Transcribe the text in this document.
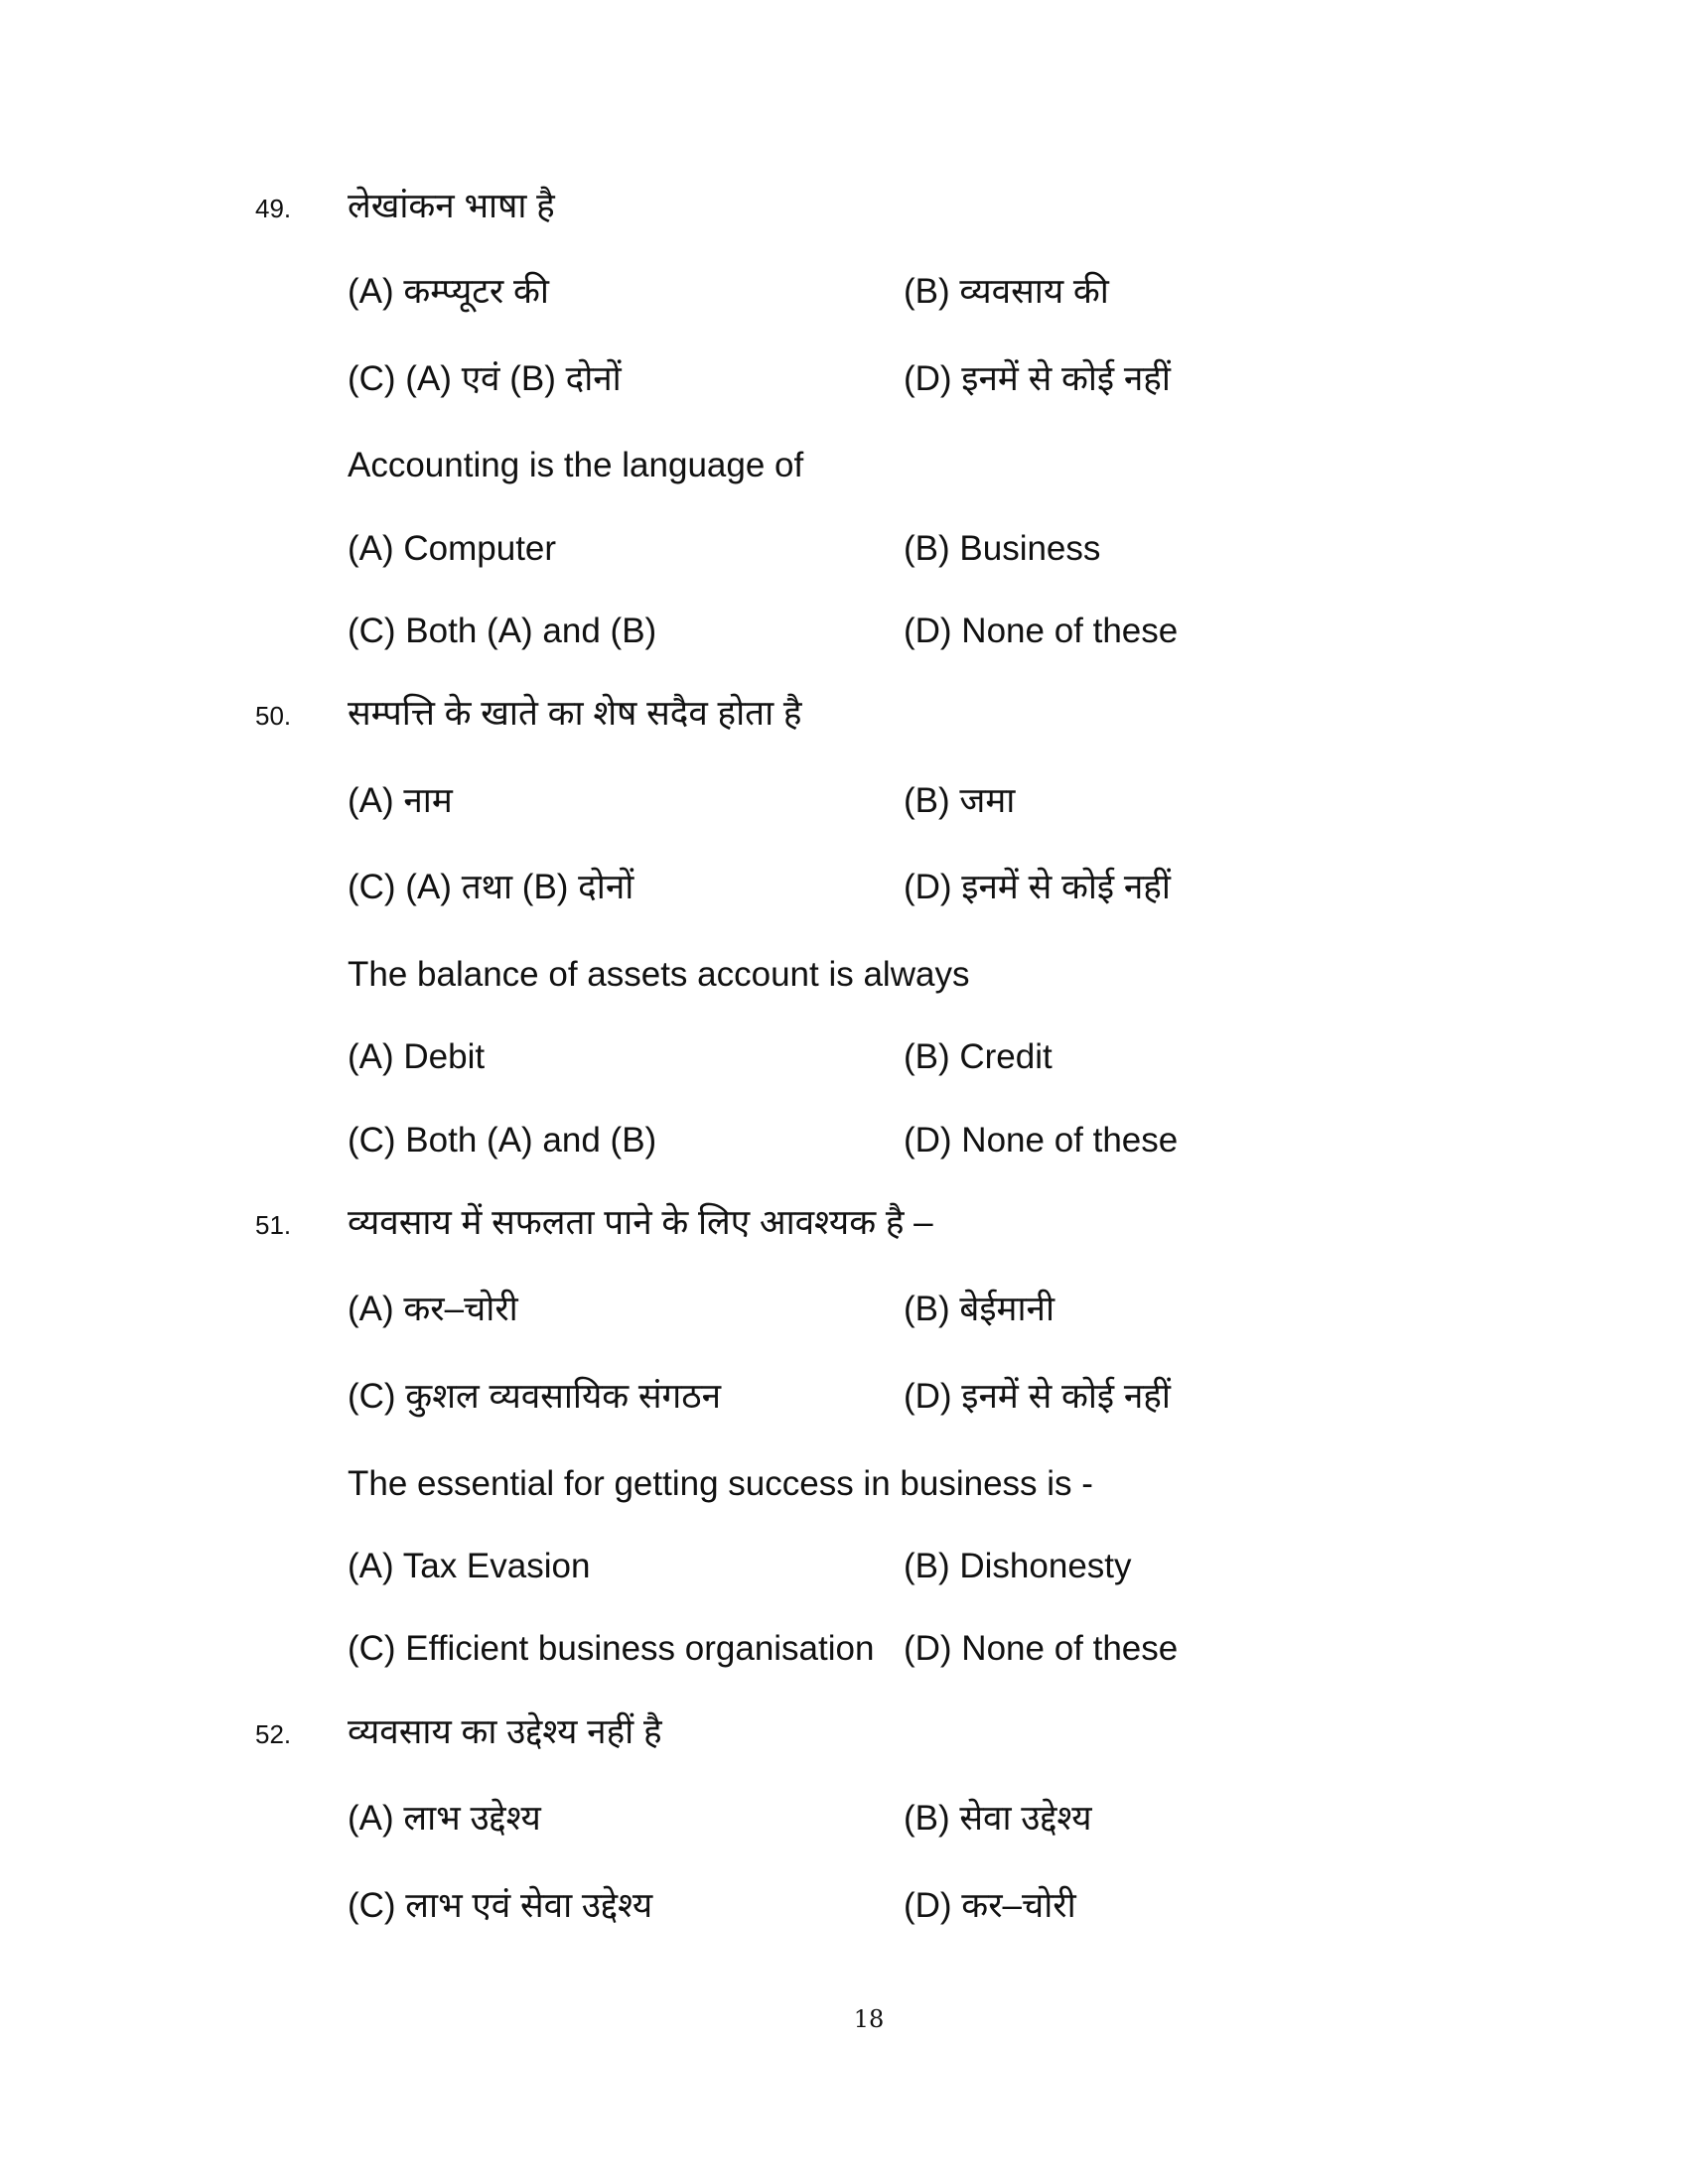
49. लेखांकन भाषा है
(A) कम्प्यूटर की	(B) व्यवसाय की
(C) (A) एवं (B) दोनों	(D) इनमें से कोई नहीं
Accounting is the language of
(A) Computer	(B) Business
(C) Both (A) and (B)	(D) None of these
50. सम्पत्ति के खाते का शेष सदैव होता है
(A) नाम	(B) जमा
(C) (A) तथा (B) दोनों	(D) इनमें से कोई नहीं
The balance of assets account is always
(A) Debit	(B) Credit
(C) Both (A) and (B)	(D) None of these
51. व्यवसाय में सफलता पाने के लिए आवश्यक है –
(A) कर–चोरी	(B) बेईमानी
(C) कुशल व्यवसायिक संगठन	(D) इनमें से कोई नहीं
The essential for getting success in business is -
(A) Tax Evasion	(B) Dishonesty
(C) Efficient business organisation (D) None of these
52. व्यवसाय का उद्देश्य नहीं है
(A) लाभ उद्देश्य	(B) सेवा उद्देश्य
(C) लाभ एवं सेवा उद्देश्य	(D) कर–चोरी
18
